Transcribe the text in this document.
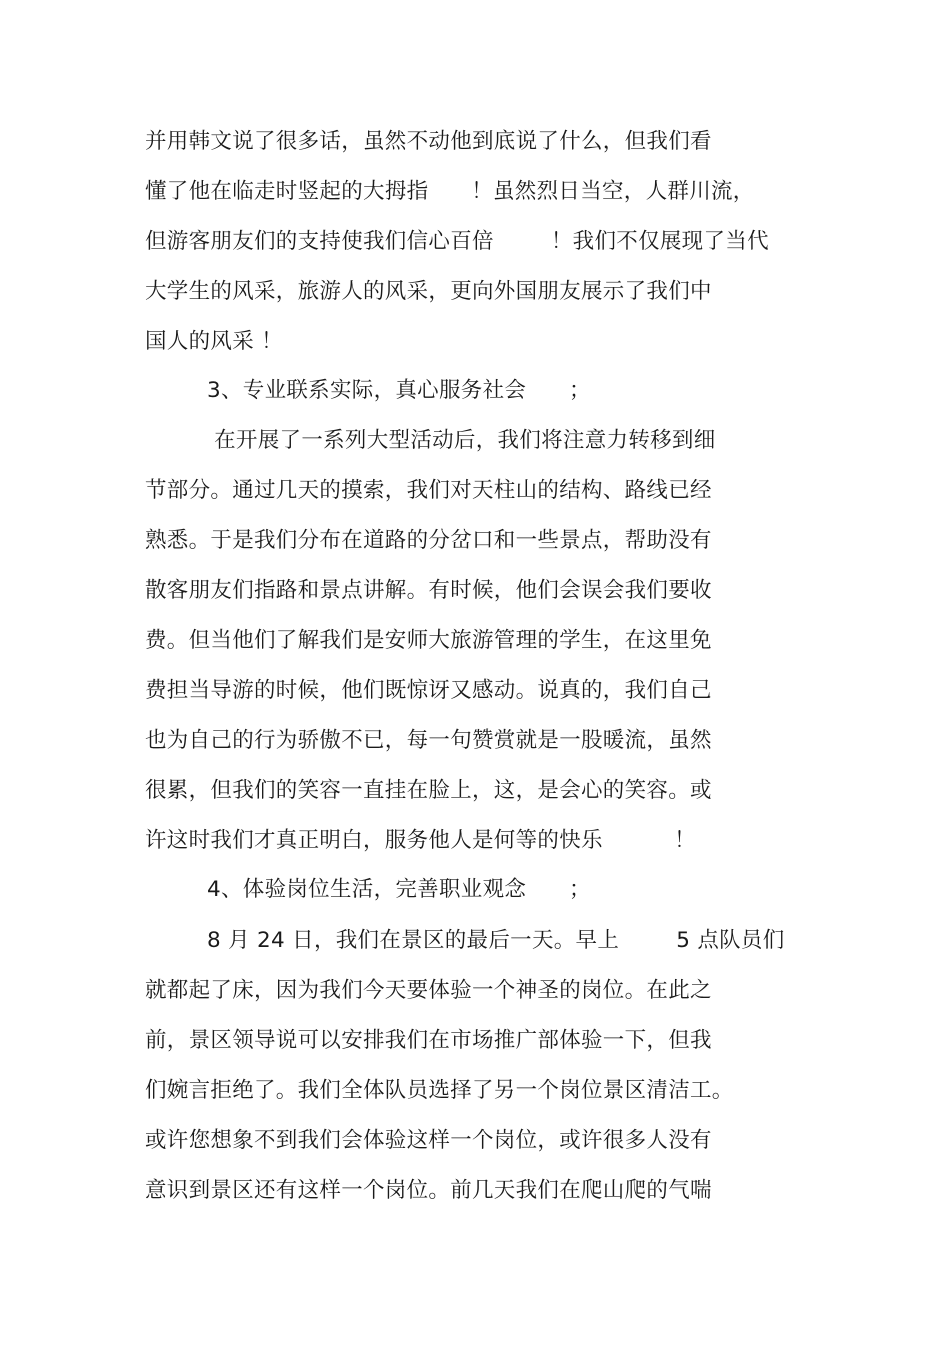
并用韩文说了很多话，虽然不动他到底说了什么，但我们看
懂了他在临走时竖起的大拇指      ！虽然烈日当空，人群川流，
但游客朋友们的支持使我们信心百倍        ！我们不仅展现了当代
大学生的风采，旅游人的风采，更向外国朋友展示了我们中
国人的风采 ！
3、专业联系实际，真心服务社会      ；
在开展了一系列大型活动后，我们将注意力转移到细
节部分。通过几天的摸索，我们对天柱山的结构、路线已经
熟悉。于是我们分布在道路的分岔口和一些景点，帮助没有
散客朋友们指路和景点讲解。有时候，他们会误会我们要收
费。但当他们了解我们是安师大旅游管理的学生，在这里免
费担当导游的时候，他们既惊讶又感动。说真的，我们自己
也为自己的行为骄傲不已，每一句赞赏就是一股暖流，虽然
很累，但我们的笑容一直挂在脸上，这，是会心的笑容。或
许这时我们才真正明白，服务他人是何等的快乐          ！
4、体验岗位生活，完善职业观念      ；
8 月 24 日，我们在景区的最后一天。早上        5 点队员们
就都起了床，因为我们今天要体验一个神圣的岗位。在此之
前，景区领导说可以安排我们在市场推广部体验一下，但我
们婉言拒绝了。我们全体队员选择了另一个岗位景区清洁工。
或许您想象不到我们会体验这样一个岗位，或许很多人没有
意识到景区还有这样一个岗位。前几天我们在爬山爬的气喘
